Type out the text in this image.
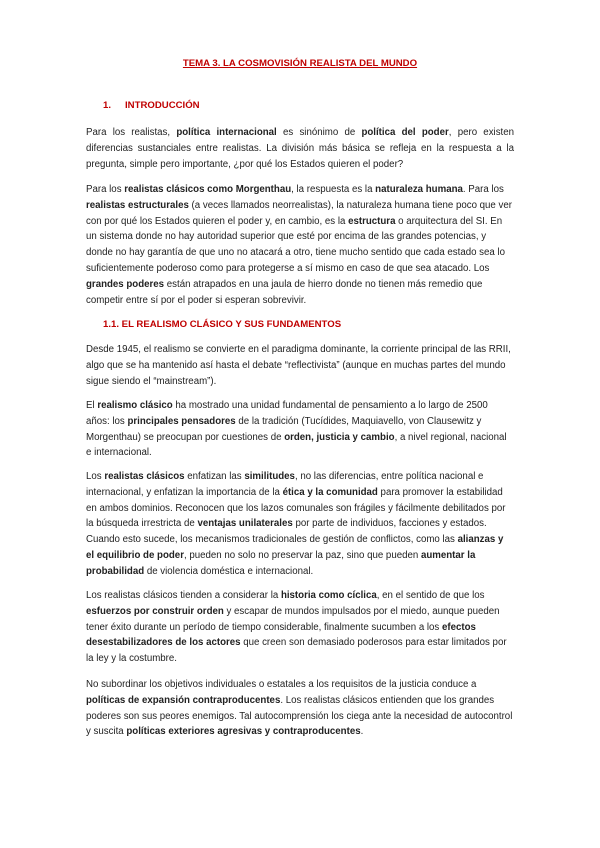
TEMA 3. LA COSMOVISIÓN REALISTA DEL MUNDO
1. INTRODUCCIÓN

Para los realistas, política internacional es sinónimo de política del poder, pero existen diferencias sustanciales entre realistas. La división más básica se refleja en la respuesta a la pregunta, simple pero importante, ¿por qué los Estados quieren el poder?

Para los realistas clásicos como Morgenthau, la respuesta es la naturaleza humana. Para los realistas estructurales (a veces llamados neorrealistas), la naturaleza humana tiene poco que ver con por qué los Estados quieren el poder y, en cambio, es la estructura o arquitectura del SI. En un sistema donde no hay autoridad superior que esté por encima de las grandes potencias, y donde no hay garantía de que uno no atacará a otro, tiene mucho sentido que cada estado sea lo suficientemente poderoso como para protegerse a sí mismo en caso de que sea atacado. Los grandes poderes están atrapados en una jaula de hierro donde no tienen más remedio que competir entre sí por el poder si esperan sobrevivir.

1.1. EL REALISMO CLÁSICO Y SUS FUNDAMENTOS

Desde 1945, el realismo se convierte en el paradigma dominante, la corriente principal de las RRII, algo que se ha mantenido así hasta el debate “reflectivista” (aunque en muchas partes del mundo sigue siendo el “mainstream”).

El realismo clásico ha mostrado una unidad fundamental de pensamiento a lo largo de 2500 años: los principales pensadores de la tradición (Tucídides, Maquiavello, von Clausewitz y Morgenthau) se preocupan por cuestiones de orden, justicia y cambio, a nivel regional, nacional e internacional.

Los realistas clásicos enfatizan las similitudes, no las diferencias, entre política nacional e internacional, y enfatizan la importancia de la ética y la comunidad para promover la estabilidad en ambos dominios. Reconocen que los lazos comunales son frágiles y fácilmente debilitados por la búsqueda irrestricta de ventajas unilaterales por parte de individuos, facciones y estados. Cuando esto sucede, los mecanismos tradicionales de gestión de conflictos, como las alianzas y el equilibrio de poder, pueden no solo no preservar la paz, sino que pueden aumentar la probabilidad de violencia doméstica e internacional.

Los realistas clásicos tienden a considerar la historia como cíclica, en el sentido de que los esfuerzos por construir orden y escapar de mundos impulsados por el miedo, aunque pueden tener éxito durante un período de tiempo considerable, finalmente sucumben a los efectos desestabilizadores de los actores que creen son demasiado poderosos para estar limitados por la ley y la costumbre.

No subordinar los objetivos individuales o estatales a los requisitos de la justicia conduce a políticas de expansión contraproducentes. Los realistas clásicos entienden que los grandes poderes son sus peores enemigos. Tal autocomprensión los ciega ante la necesidad de autocontrol y suscita políticas exteriores agresivas y contraproducentes.
